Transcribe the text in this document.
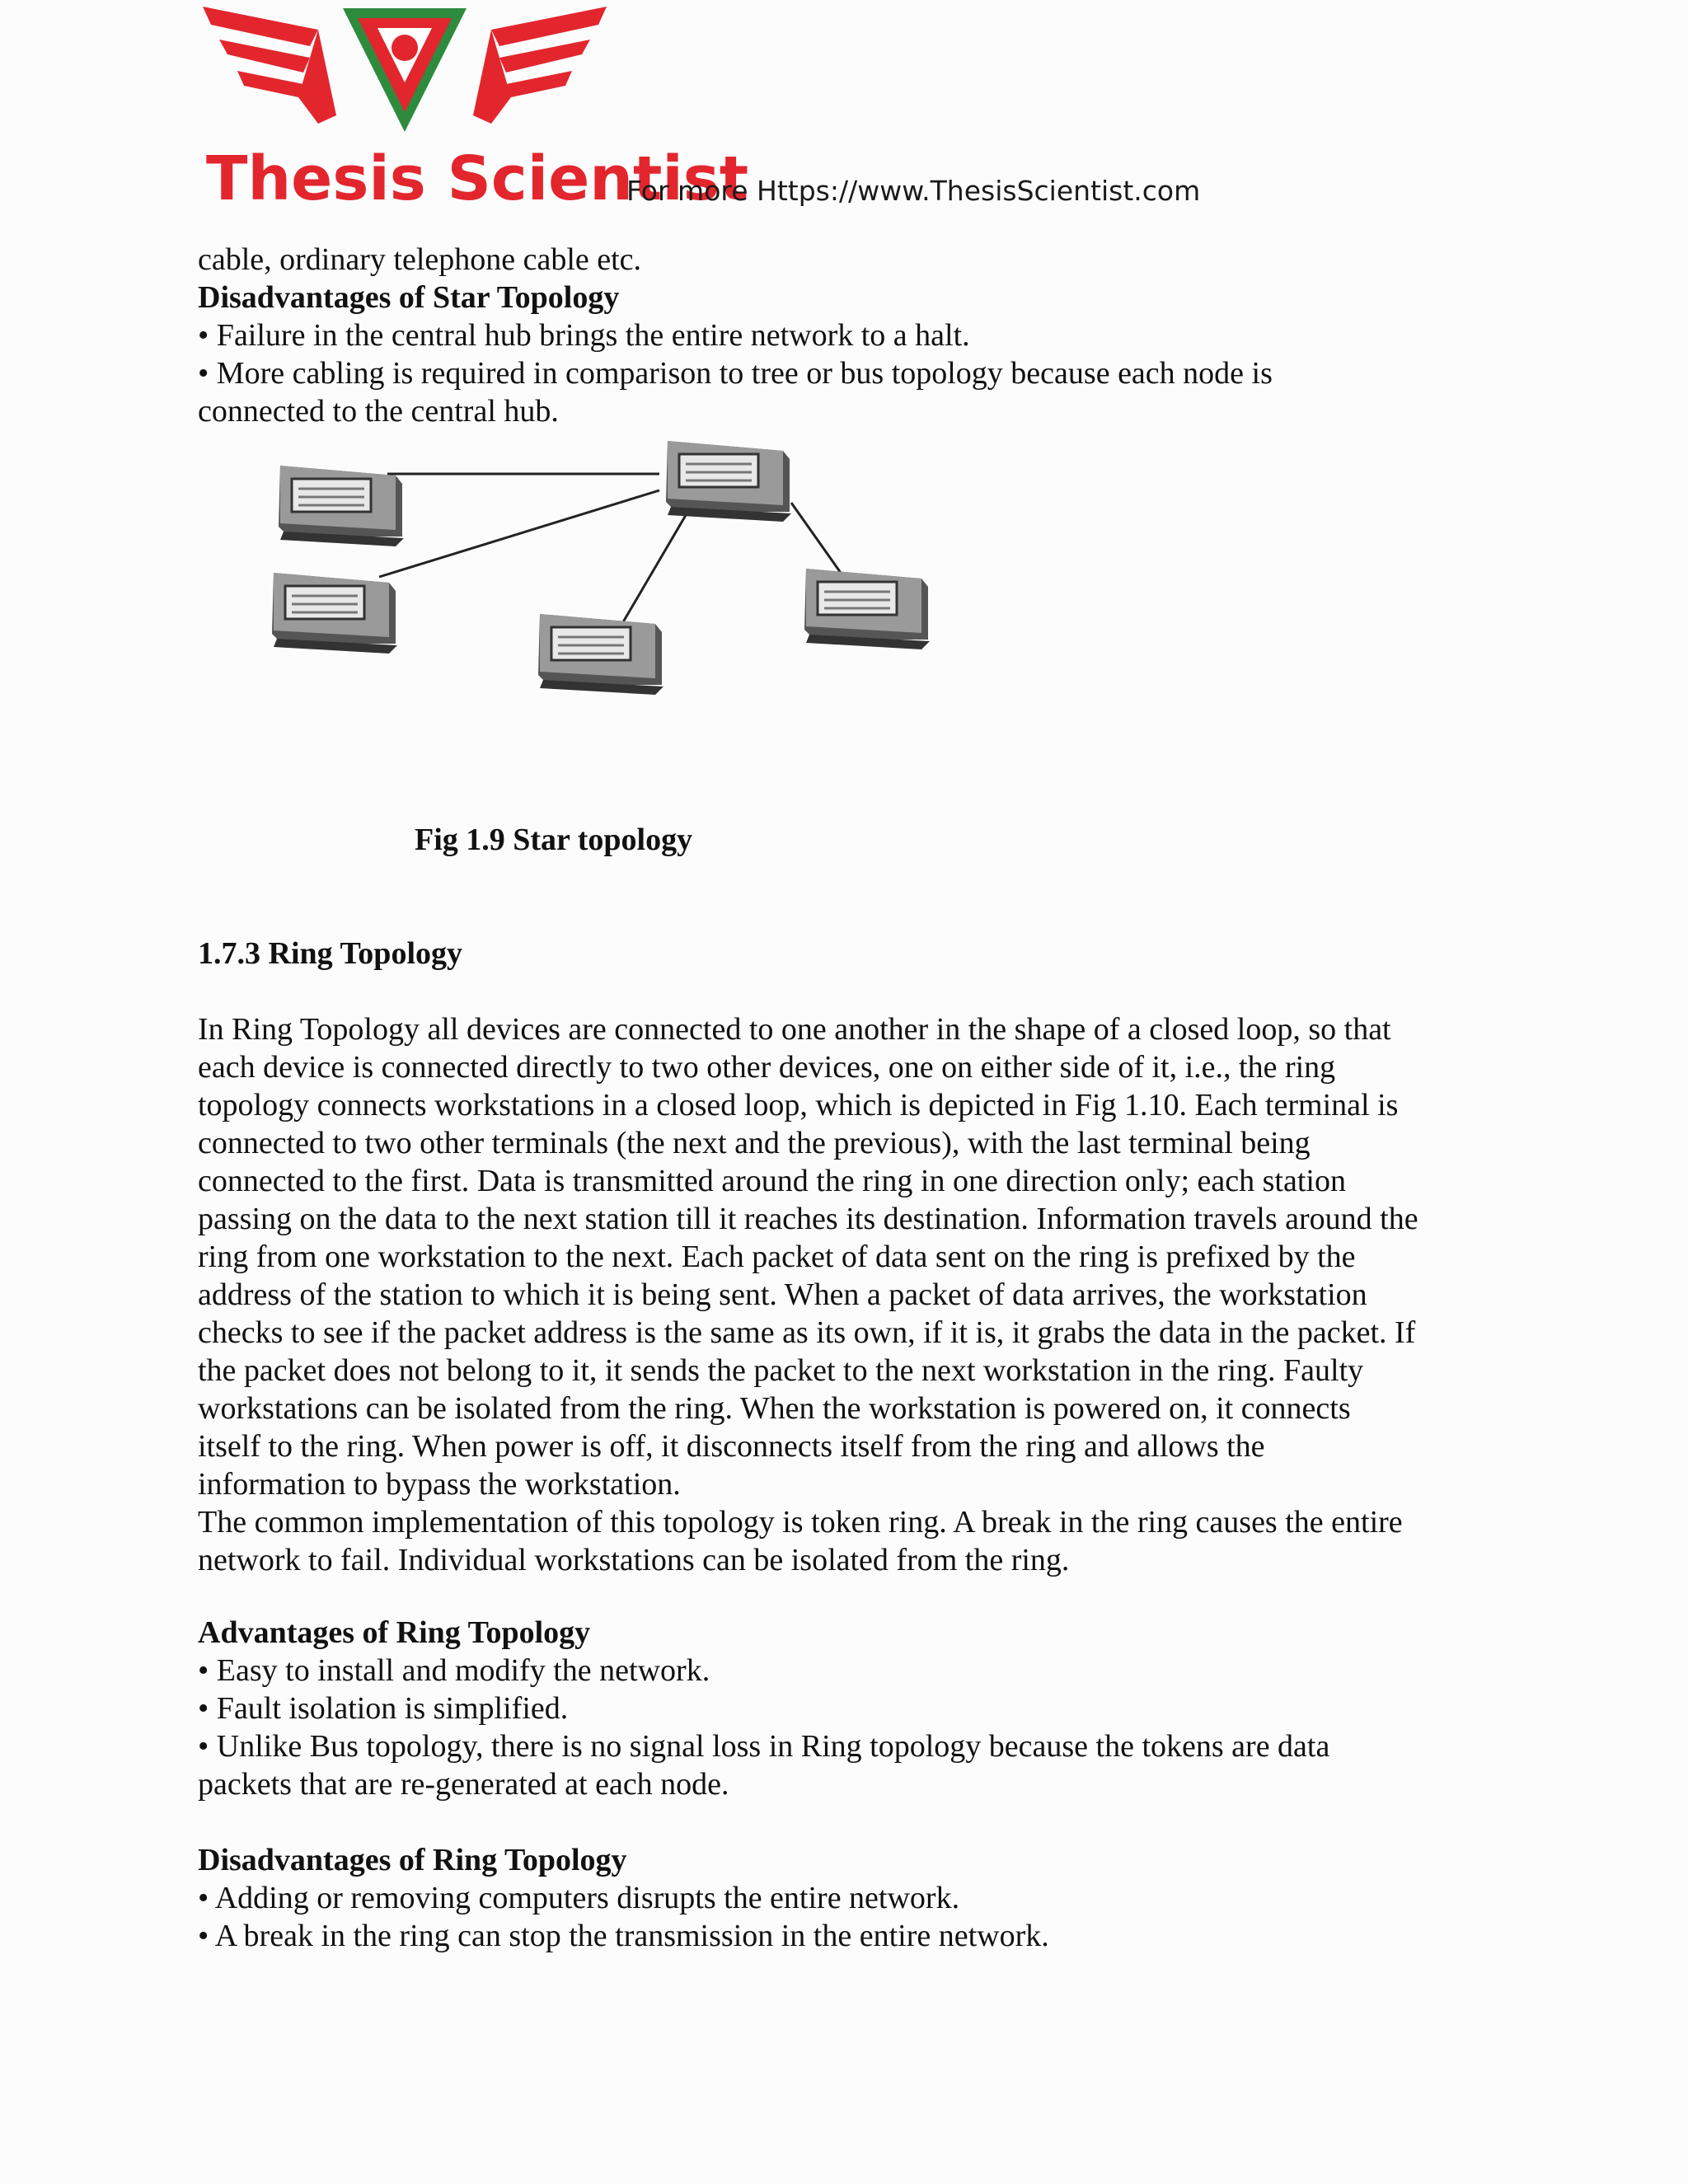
Thesis Scientist
For more Https://www.ThesisScientist.com
cable, ordinary telephone cable etc.
Disadvantages of Star Topology
• Failure in the central hub brings the entire network to a halt.
• More cabling is required in comparison to tree or bus topology because each node is
connected to the central hub.
Fig 1.9 Star topology
1.7.3 Ring Topology
In Ring Topology all devices are connected to one another in the shape of a closed loop, so that
each device is connected directly to two other devices, one on either side of it, i.e., the ring
topology connects workstations in a closed loop, which is depicted in Fig 1.10. Each terminal is
connected to two other terminals (the next and the previous), with the last terminal being
connected to the first. Data is transmitted around the ring in one direction only; each station
passing on the data to the next station till it reaches its destination. Information travels around the
ring from one workstation to the next. Each packet of data sent on the ring is prefixed by the
address of the station to which it is being sent. When a packet of data arrives, the workstation
checks to see if the packet address is the same as its own, if it is, it grabs the data in the packet. If
the packet does not belong to it, it sends the packet to the next workstation in the ring. Faulty
workstations can be isolated from the ring. When the workstation is powered on, it connects
itself to the ring. When power is off, it disconnects itself from the ring and allows the
information to bypass the workstation.
The common implementation of this topology is token ring. A break in the ring causes the entire
network to fail. Individual workstations can be isolated from the ring.
Advantages of Ring Topology
• Easy to install and modify the network.
• Fault isolation is simplified.
• Unlike Bus topology, there is no signal loss in Ring topology because the tokens are data
packets that are re-generated at each node.
Disadvantages of Ring Topology
• Adding or removing computers disrupts the entire network.
• A break in the ring can stop the transmission in the entire network.
